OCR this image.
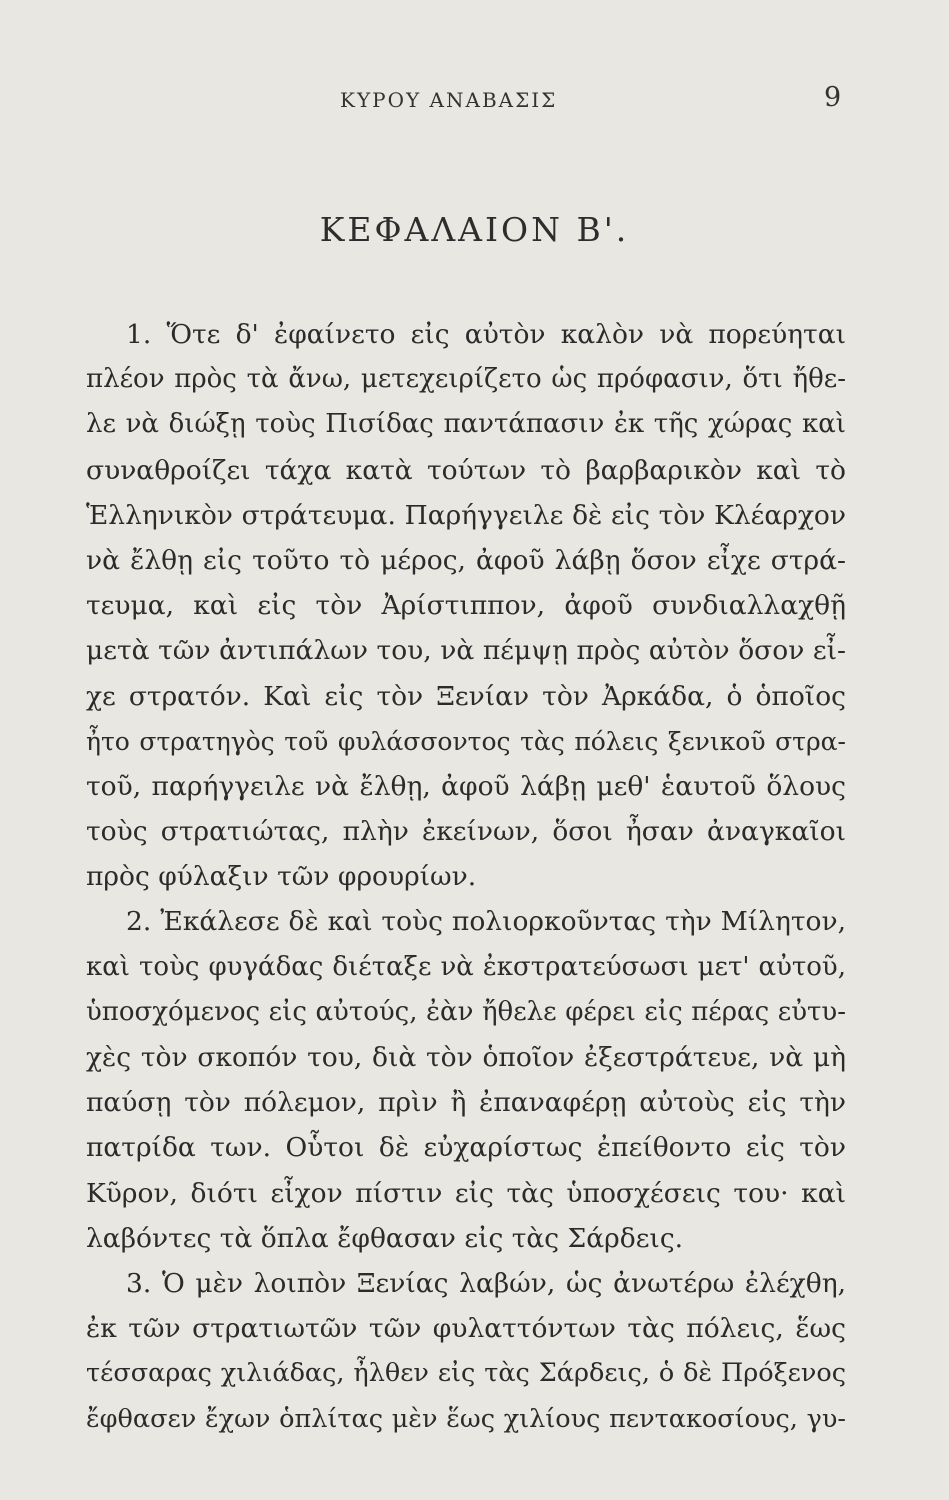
ΚΥΡΟΥ ΑΝΑΒΑΣΙΣ	9
ΚΕΦΑΛΑΙΟΝ Β'.
1. Ὅτε δ' ἐφαίνετο εἰς αὐτὸν καλὸν νὰ πορεύηται
πλέον πρὸς τὰ ἄνω, μετεχειρίζετο ὡς πρόφασιν, ὅτι ἤθε-
λε νὰ διώξῃ τοὺς Πισίδας παντάπασιν ἐκ τῆς χώρας καὶ
συναθροίζει τάχα κατὰ τούτων τὸ βαρβαρικὸν καὶ τὸ
Ἑλληνικὸν στράτευμα. Παρήγγειλε δὲ εἰς τὸν Κλέαρχον
νὰ ἔλθῃ εἰς τοῦτο τὸ μέρος, ἀφοῦ λάβῃ ὅσον εἶχε στρά-
τευμα, καὶ εἰς τὸν Ἀρίστιππον, ἀφοῦ συνδιαλλαχθῇ
μετὰ τῶν ἀντιπάλων του, νὰ πέμψῃ πρὸς αὐτὸν ὅσον εἶ-
χε στρατόν. Καὶ εἰς τὸν Ξενίαν τὸν Ἀρκάδα, ὁ ὁποῖος
ἦτο στρατηγὸς τοῦ φυλάσσοντος τὰς πόλεις ξενικοῦ στρα-
τοῦ, παρήγγειλε νὰ ἔλθῃ, ἀφοῦ λάβῃ μεθ' ἑαυτοῦ ὅλους
τοὺς στρατιώτας, πλὴν ἐκείνων, ὅσοι ἦσαν ἀναγκαῖοι
πρὸς φύλαξιν τῶν φρουρίων.
2. Ἐκάλεσε δὲ καὶ τοὺς πολιορκοῦντας τὴν Μίλητον,
καὶ τοὺς φυγάδας διέταξε νὰ ἐκστρατεύσωσι μετ' αὐτοῦ,
ὑποσχόμενος εἰς αὐτούς, ἐὰν ἤθελε φέρει εἰς πέρας εὐτυ-
χὲς τὸν σκοπόν του, διὰ τὸν ὁποῖον ἐξεστράτευε, νὰ μὴ
παύσῃ τὸν πόλεμον, πρὶν ἢ ἐπαναφέρῃ αὐτοὺς εἰς τὴν
πατρίδα των. Οὗτοι δὲ εὐχαρίστως ἐπείθοντο εἰς τὸν
Κῦρον, διότι εἶχον πίστιν εἰς τὰς ὑποσχέσεις του· καὶ
λαβόντες τὰ ὅπλα ἔφθασαν εἰς τὰς Σάρδεις.
3. Ὁ μὲν λοιπὸν Ξενίας λαβών, ὡς ἀνωτέρω ἐλέχθη,
ἐκ τῶν στρατιωτῶν τῶν φυλαττόντων τὰς πόλεις, ἕως
τέσσαρας χιλιάδας, ἦλθεν εἰς τὰς Σάρδεις, ὁ δὲ Πρόξενος
ἔφθασεν ἔχων ὁπλίτας μὲν ἕως χιλίους πεντακοσίους, γυ-
